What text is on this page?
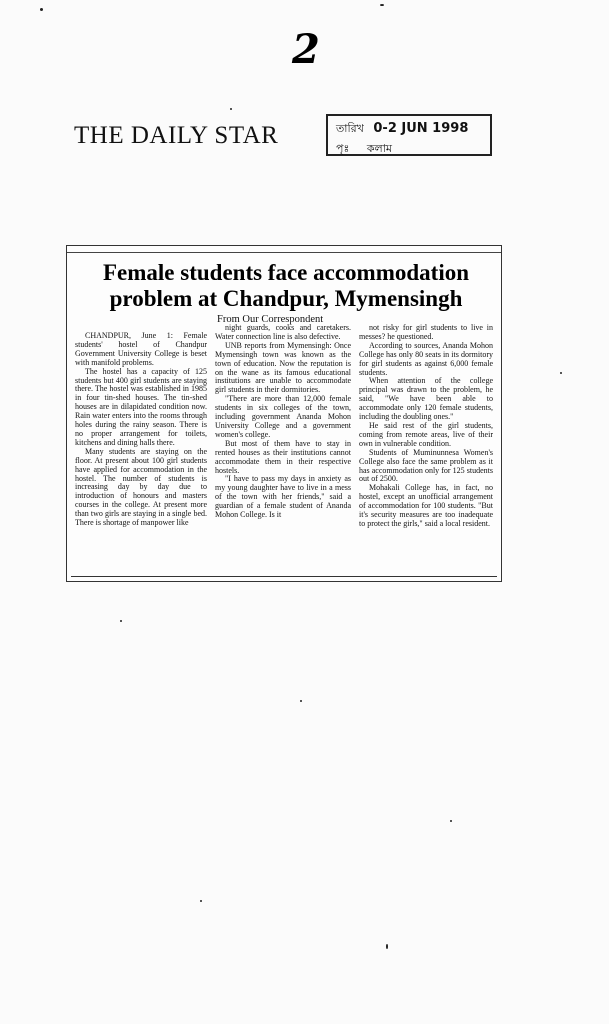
2
THE DAILY STAR	তারিখ 0-2 JUN 1998
পৃঃ কলাম
Female students face accommodation
problem at Chandpur, Mymensingh
From Our Correspondent

CHANDPUR, June 1: Female students' hostel of Chandpur Government University College is beset with manifold problems.

The hostel has a capacity of 125 students but 400 girl students are staying there. The hostel was established in 1985 in four tin-shed houses. The tin-shed houses are in dilapidated condition now. Rain water enters into the rooms through holes during the rainy season. There is no proper arrangement for toilets, kitchens and dining halls there.

Many students are staying on the floor. At present about 100 girl students have applied for accommodation in the hostel. The number of students is increasing day by day due to introduction of honours and masters courses in the college. At present more than two girls are staying in a single bed. There is shortage of manpower like

night guards, cooks and caretakers. Water connection line is also defective.

UNB reports from Mymensingh: Once Mymensingh town was known as the town of education. Now the reputation is on the wane as its famous educational institutions are unable to accommodate girl students in their dormitories.

"There are more than 12,000 female students in six colleges of the town, including government Ananda Mohon University College and a government women's college.

But most of them have to stay in rented houses as their institutions cannot accommodate them in their respective hostels.

"I have to pass my days in anxiety as my young daughter have to live in a mess of the town with her friends," said a guardian of a female student of Ananda Mohon College. Is it

not risky for girl students to live in messes? he questioned.

According to sources, Ananda Mohon College has only 80 seats in its dormitory for girl students as against 6,000 female students.

When attention of the college principal was drawn to the problem, he said, "We have been able to accommodate only 120 female students, including the doubling ones."

He said rest of the girl students, coming from remote areas, live of their own in vulnerable condition.

Students of Muminunnesa Women's College also face the same problem as it has accommodation only for 125 students out of 2500.

Mohakali College has, in fact, no hostel, except an unofficial arrangement of accommodation for 100 students. "But it's security measures are too inadequate to protect the girls," said a local resident.
